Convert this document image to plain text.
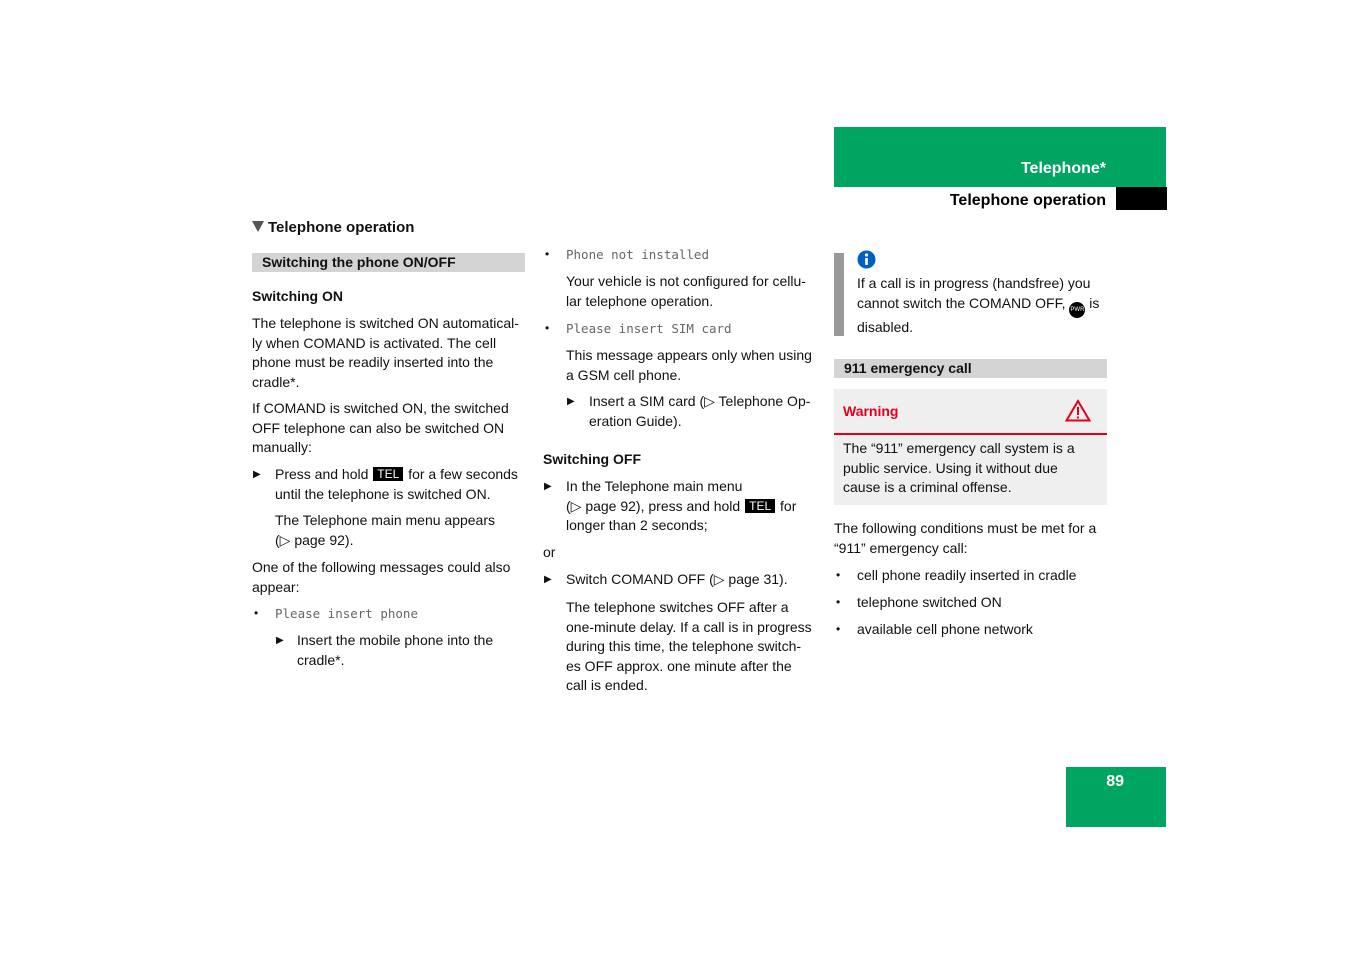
Telephone*
Telephone operation
Telephone operation
Switching the phone ON/OFF
Switching ON

The telephone is switched ON automatical-

ly when COMAND is activated. The cell

phone must be readily inserted into the

cradle*.

If COMAND is switched ON, the switched

OFF telephone can also be switched ON

manually:

▶ Press and hold TEL for a few seconds

until the telephone is switched ON.

The Telephone main menu appears

(▷ page 92).

One of the following messages could also

appear:

• Please insert phone
▶ Insert the mobile phone into the

cradle*.

• Phone not installed

Your vehicle is not configured for cellu-

lar telephone operation.

• Please insert SIM card

This message appears only when using

a GSM cell phone.

▶ Insert a SIM card (▷ Telephone Op-

eration Guide).

Switching OFF
▶ In the Telephone main menu

(▷ page 92), press and hold TEL for

longer than 2 seconds;

or
▶ Switch COMAND OFF (▷ page 31).

The telephone switches OFF after a

one-minute delay. If a call is in progress

during this time, the telephone switch-

es OFF approx. one minute after the

call is ended.

If a call is in progress (handsfree) you

cannot switch the COMAND OFF, PWR is

disabled.

911 emergency call
Warning

The “911” emergency call system is a

public service. Using it without due

cause is a criminal offense.

The following conditions must be met for a

“911” emergency call:

• cell phone readily inserted in cradle
• telephone switched ON
• available cell phone network
89
